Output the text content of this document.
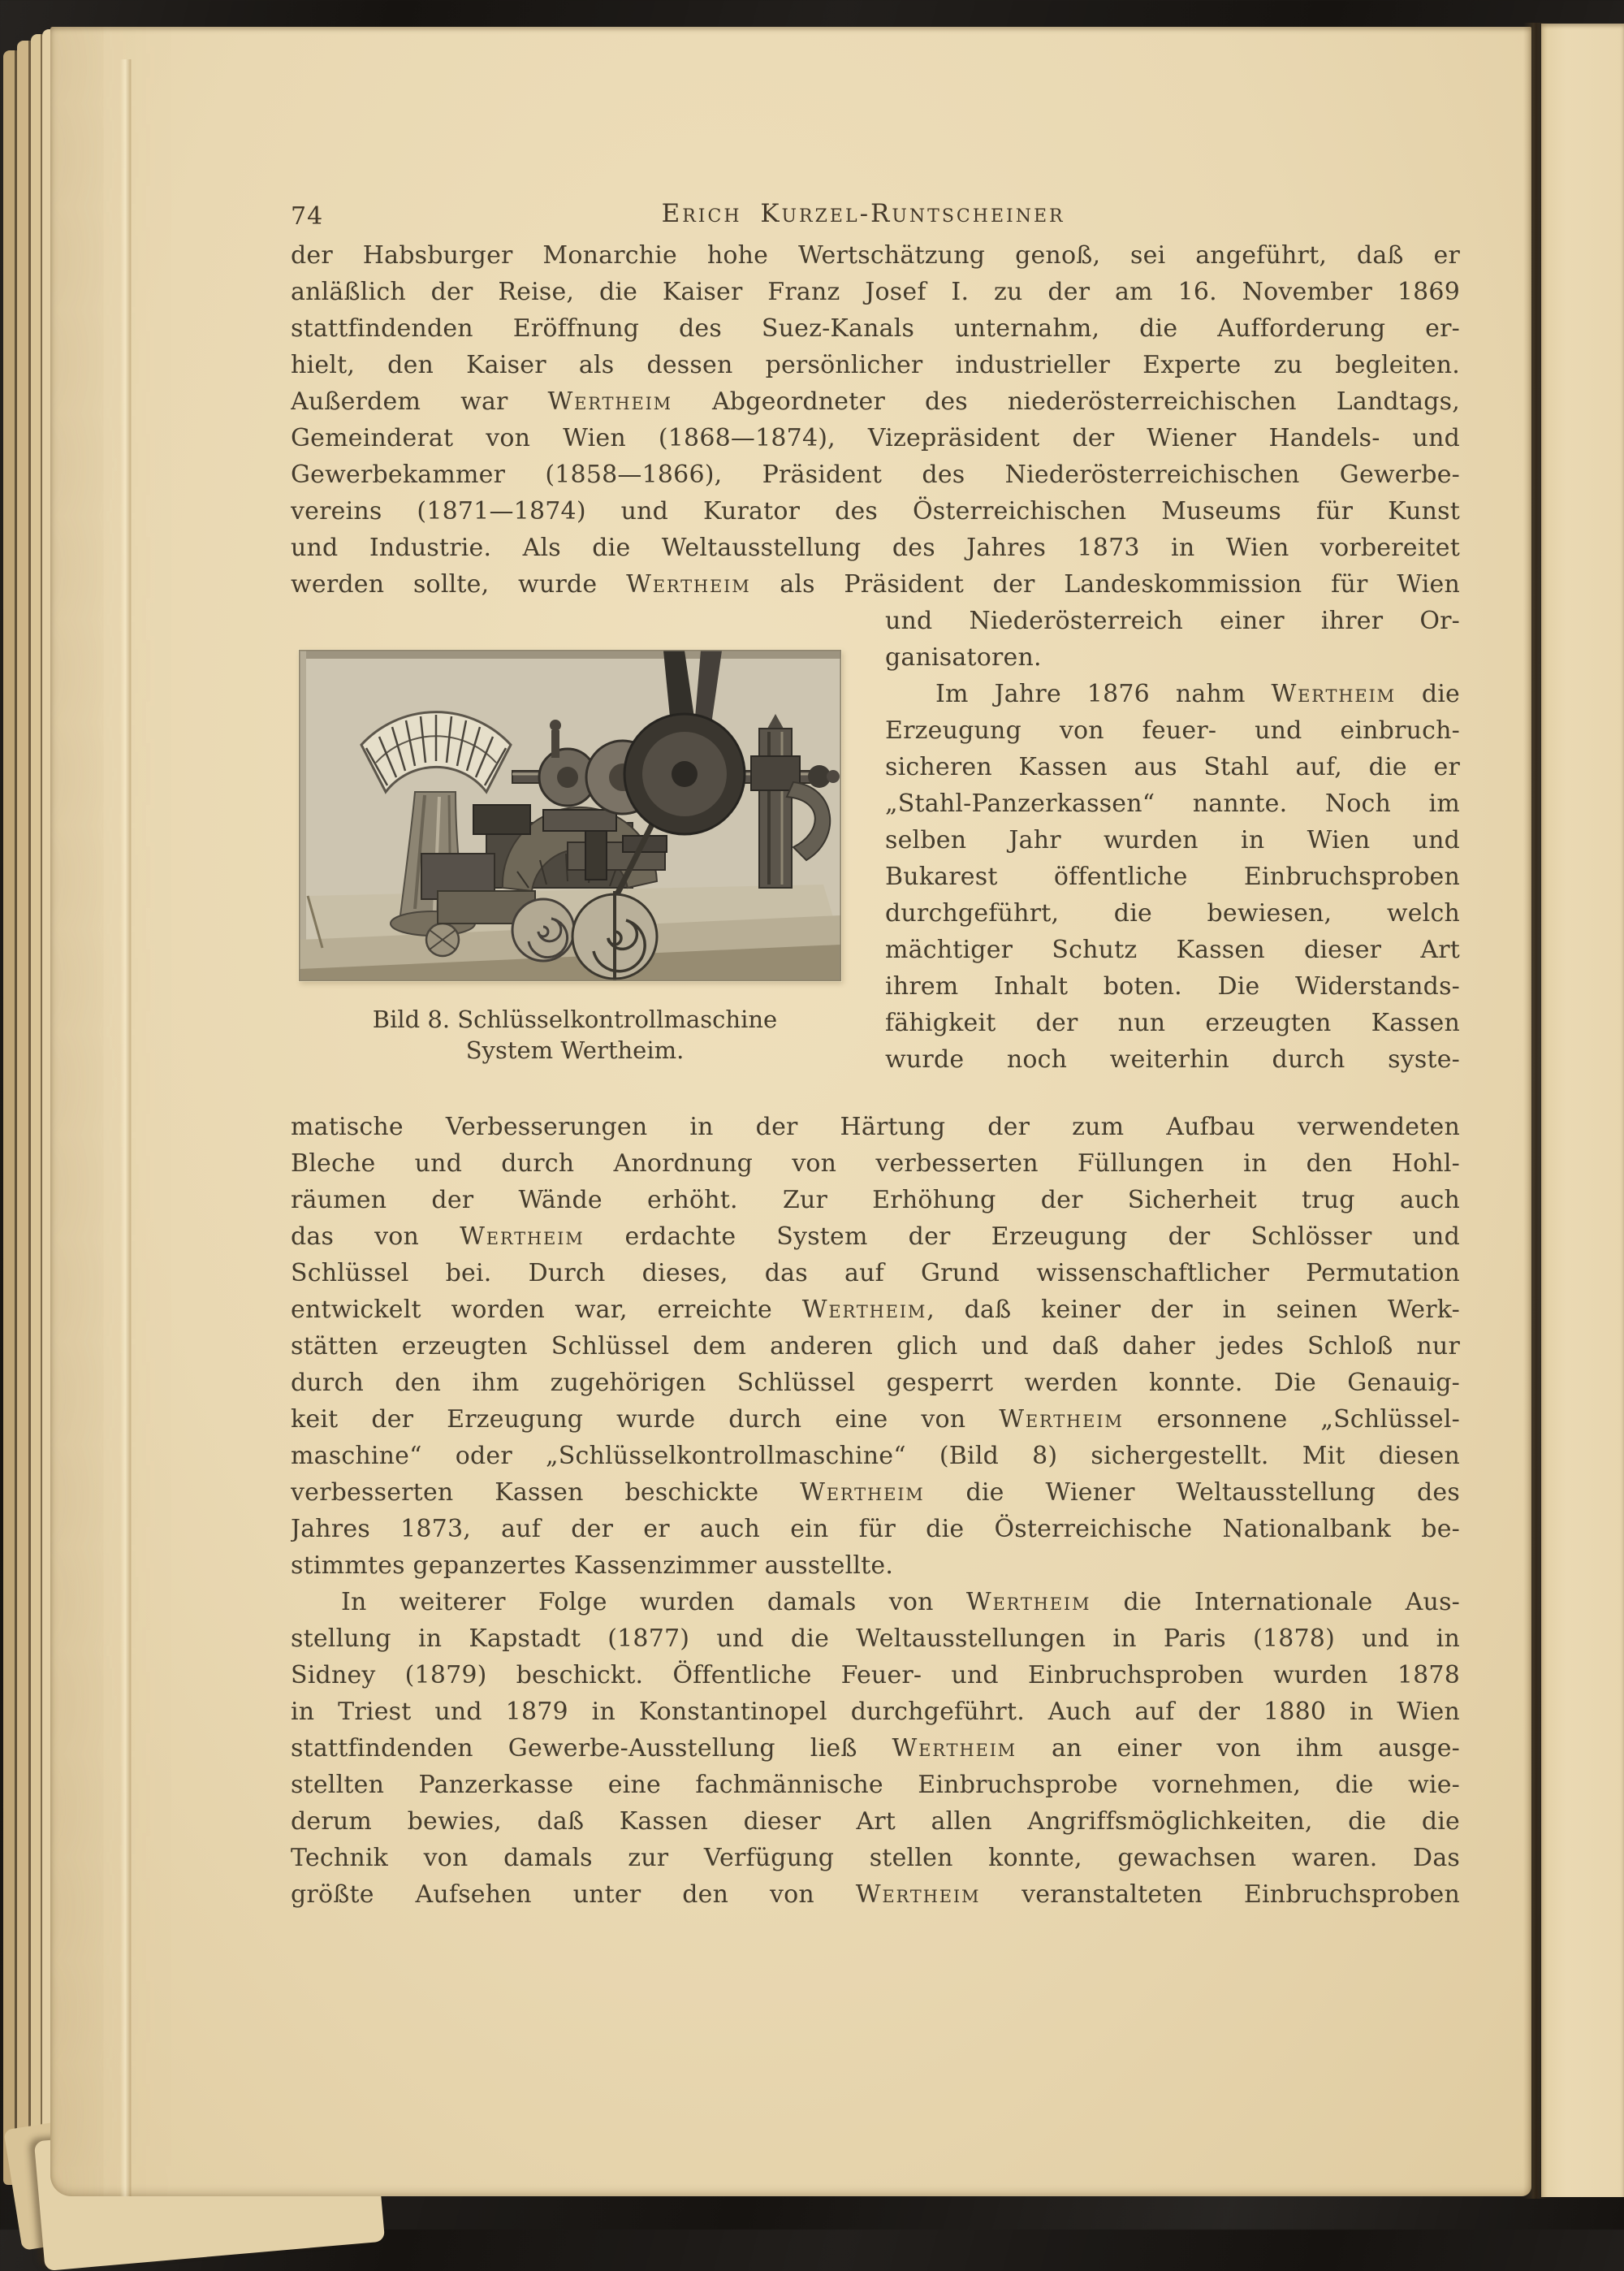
74	Erich Kurzel-Runtscheiner
der Habsburger Monarchie hohe Wertschätzung genoß, sei angeführt, daß er
anläßlich der Reise, die Kaiser Franz Josef I. zu der am 16. November 1869
stattfindenden Eröffnung des Suez-Kanals unternahm, die Aufforderung er-
hielt, den Kaiser als dessen persönlicher industrieller Experte zu begleiten.
Außerdem war Wertheim Abgeordneter des niederösterreichischen Landtags,
Gemeinderat von Wien (1868—1874), Vizepräsident der Wiener Handels- und
Gewerbekammer (1858—1866), Präsident des Niederösterreichischen Gewerbe-
vereins (1871—1874) und Kurator des Österreichischen Museums für Kunst
und Industrie. Als die Weltausstellung des Jahres 1873 in Wien vorbereitet
werden sollte, wurde Wertheim als Präsident der Landeskommission für Wien
und Niederösterreich einer ihrer Or-
ganisatoren.
Im Jahre 1876 nahm Wertheim die
Erzeugung von feuer- und einbruch-
sicheren Kassen aus Stahl auf, die er
„Stahl-Panzerkassen“ nannte. Noch im
selben Jahr wurden in Wien und
Bukarest öffentliche Einbruchsproben
durchgeführt, die bewiesen, welch
mächtiger Schutz Kassen dieser Art
ihrem Inhalt boten. Die Widerstands-
fähigkeit der nun erzeugten Kassen
wurde noch weiterhin durch syste-
matische Verbesserungen in der Härtung der zum Aufbau verwendeten
Bleche und durch Anordnung von verbesserten Füllungen in den Hohl-
räumen der Wände erhöht. Zur Erhöhung der Sicherheit trug auch
das von Wertheim erdachte System der Erzeugung der Schlösser und
Schlüssel bei. Durch dieses, das auf Grund wissenschaftlicher Permutation
entwickelt worden war, erreichte Wertheim, daß keiner der in seinen Werk-
stätten erzeugten Schlüssel dem anderen glich und daß daher jedes Schloß nur
durch den ihm zugehörigen Schlüssel gesperrt werden konnte. Die Genauig-
keit der Erzeugung wurde durch eine von Wertheim ersonnene „Schlüssel-
maschine“ oder „Schlüsselkontrollmaschine“ (Bild 8) sichergestellt. Mit diesen
verbesserten Kassen beschickte Wertheim die Wiener Weltausstellung des
Jahres 1873, auf der er auch ein für die Österreichische Nationalbank be-
stimmtes gepanzertes Kassenzimmer ausstellte.
In weiterer Folge wurden damals von Wertheim die Internationale Aus-
stellung in Kapstadt (1877) und die Weltausstellungen in Paris (1878) und in
Sidney (1879) beschickt. Öffentliche Feuer- und Einbruchsproben wurden 1878
in Triest und 1879 in Konstantinopel durchgeführt. Auch auf der 1880 in Wien
stattfindenden Gewerbe-Ausstellung ließ Wertheim an einer von ihm ausge-
stellten Panzerkasse eine fachmännische Einbruchsprobe vornehmen, die wie-
derum bewies, daß Kassen dieser Art allen Angriffsmöglichkeiten, die die
Technik von damals zur Verfügung stellen konnte, gewachsen waren. Das
größte Aufsehen unter den von Wertheim veranstalteten Einbruchsproben
Bild 8. Schlüsselkontrollmaschine
System Wertheim.
